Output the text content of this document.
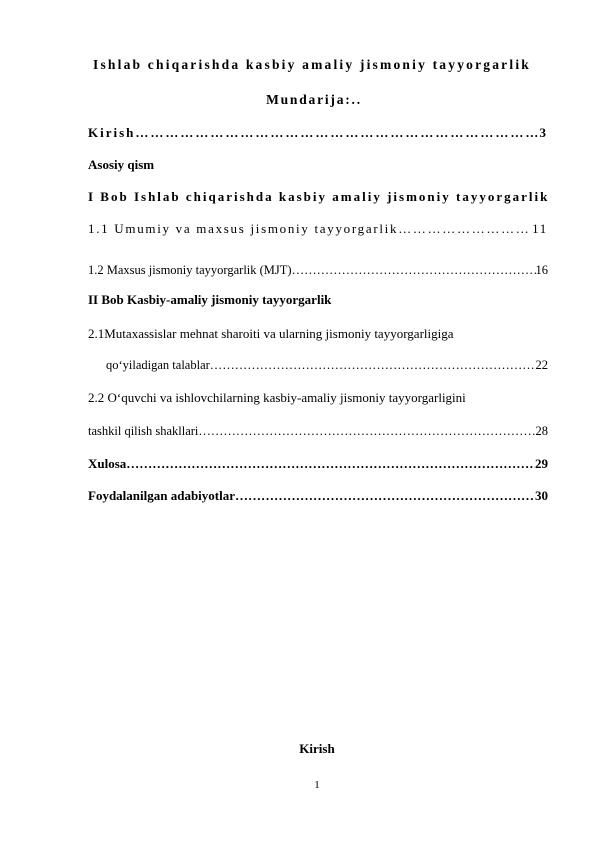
Ishlab chiqarishda kasbiy amaliy jismoniy tayyorgarlik
Mundarija:..
Kirish ……………………………………………………………………………………………………………………………………………………………………………………	3
Asosiy qism
I Bob Ishlab chiqarishda kasbiy amaliy jismoniy tayyorgarlik
1.1 Umumiy va maxsus jismoniy tayyorgarlik ……………………………………………………………………………………………………………………………………………………………………………………	11
1.2 Maxsus jismoniy tayyorgarlik (MJT) ……………………………………………………………………………………………………………………………………………………………………………………	16
II Bob Kasbiy-amaliy jismoniy tayyorgarlik
2.1Mutaxassislar mehnat sharoiti va ularning jismoniy tayyorgarligiga
qo‘yiladigan talablar ……………………………………………………………………………………………………………………………………………………………………………………	22
2.2 O‘quvchi va ishlovchilarning kasbiy-amaliy jismoniy tayyorgarligini
tashkil qilish shakllari ……………………………………………………………………………………………………………………………………………………………………………………	28
Xulosa ……………………………………………………………………………………………………………………………………………………………………………………	29
Foydalanilgan adabiyotlar ……………………………………………………………………………………………………………………………………………………………………………………	30
Kirish
1
